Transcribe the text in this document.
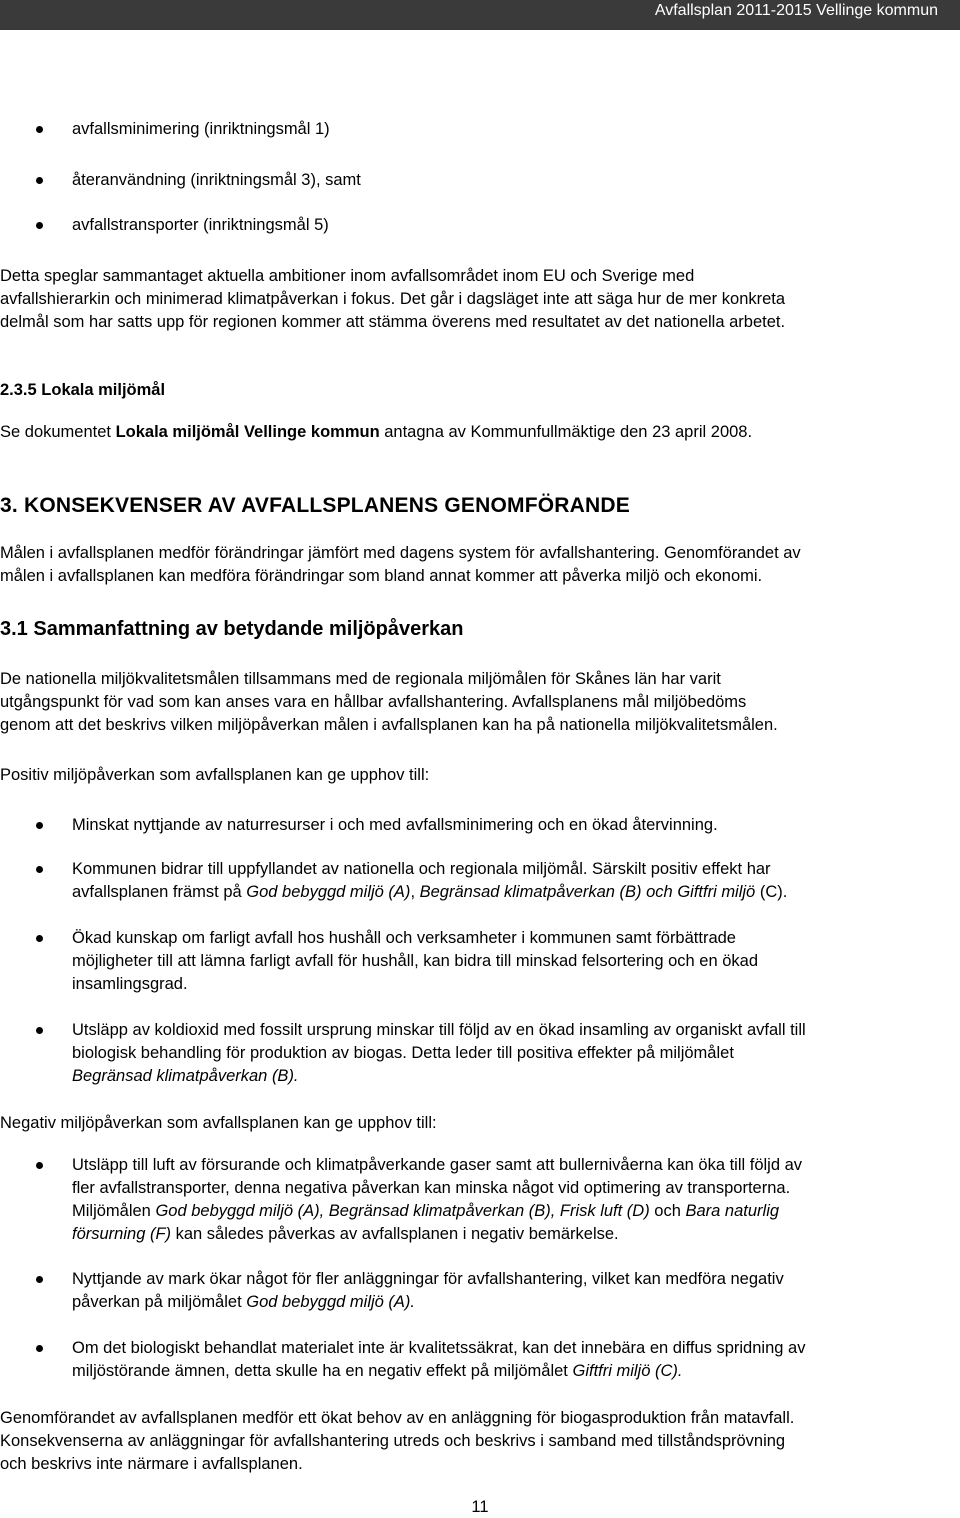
Avfallsplan 2011-2015 Vellinge kommun

avfallsminimering (inriktningsmål 1)

återanvändning (inriktningsmål 3), samt

avfallstransporter (inriktningsmål 5)

Detta speglar sammantaget aktuella ambitioner inom avfallsområdet inom EU och Sverige med

avfallshierarkin och minimerad klimatpåverkan i fokus. Det går i dagsläget inte att säga hur de mer konkreta

delmål som har satts upp för regionen kommer att stämma överens med resultatet av det nationella arbetet.

2.3.5 Lokala miljömål

Se dokumentet Lokala miljömål Vellinge kommun antagna av Kommunfullmäktige den 23 april 2008.

3. KONSEKVENSER AV AVFALLSPLANENS GENOMFÖRANDE

Målen i avfallsplanen medför förändringar jämfört med dagens system för avfallshantering. Genomförandet av

målen i avfallsplanen kan medföra förändringar som bland annat kommer att påverka miljö och ekonomi.

3.1 Sammanfattning av betydande miljöpåverkan

De nationella miljökvalitetsmålen tillsammans med de regionala miljömålen för Skånes län har varit

utgångspunkt för vad som kan anses vara en hållbar avfallshantering. Avfallsplanens mål miljöbedöms

genom att det beskrivs vilken miljöpåverkan målen i avfallsplanen kan ha på nationella miljökvalitetsmålen.

Positiv miljöpåverkan som avfallsplanen kan ge upphov till:

Minskat nyttjande av naturresurser i och med avfallsminimering och en ökad återvinning.

Kommunen bidrar till uppfyllandet av nationella och regionala miljömål. Särskilt positiv effekt har

avfallsplanen främst på God bebyggd miljö (A), Begränsad klimatpåverkan (B) och Giftfri miljö (C).

Ökad kunskap om farligt avfall hos hushåll och verksamheter i kommunen samt förbättrade

möjligheter till att lämna farligt avfall för hushåll, kan bidra till minskad felsortering och en ökad

insamlingsgrad.

Utsläpp av koldioxid med fossilt ursprung minskar till följd av en ökad insamling av organiskt avfall till

biologisk behandling för produktion av biogas. Detta leder till positiva effekter på miljömålet

Begränsad klimatpåverkan (B).

Negativ miljöpåverkan som avfallsplanen kan ge upphov till:

Utsläpp till luft av försurande och klimatpåverkande gaser samt att bullernivåerna kan öka till följd av

fler avfallstransporter, denna negativa påverkan kan minska något vid optimering av transporterna.

Miljömålen God bebyggd miljö (A), Begränsad klimatpåverkan (B), Frisk luft (D) och Bara naturlig

försurning (F) kan således påverkas av avfallsplanen i negativ bemärkelse.

Nyttjande av mark ökar något för fler anläggningar för avfallshantering, vilket kan medföra negativ

påverkan på miljömålet God bebyggd miljö (A).

Om det biologiskt behandlat materialet inte är kvalitetssäkrat, kan det innebära en diffus spridning av

miljöstörande ämnen, detta skulle ha en negativ effekt på miljömålet Giftfri miljö (C).

Genomförandet av avfallsplanen medför ett ökat behov av en anläggning för biogasproduktion från matavfall.

Konsekvenserna av anläggningar för avfallshantering utreds och beskrivs i samband med tillståndsprövning

och beskrivs inte närmare i avfallsplanen.

11
